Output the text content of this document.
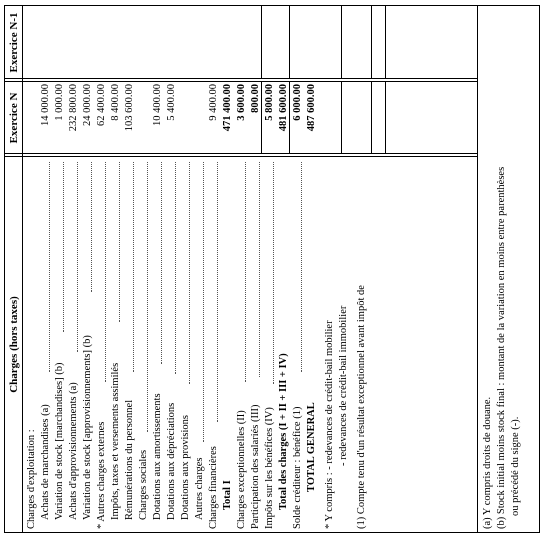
Charges (hors taxes)
Exercice N
Exercice N-1
Charges d'exploitation : Achats de marchandises (a)
14 000.00
Variation de stock [marchandises] (b)
1 000.00
Achats d'approvisionnements (a)
232 800.00
Variation de stock [approvisionnements] (b)
24 000.00
* Autres charges externes
62 400.00
Impôts, taxes et versements assimilés
8 400.00
Rémunérations du personnel
103 600.00
Charges sociales Dotations aux amortissements
10 400.00
Dotations aux dépréciations
5 400.00
Dotations aux provisions Autres charges Charges financières
9 400.00
Total I
471 400.00
Charges exceptionnelles (II)
3 600.00
Participation des salariés (III)
800.00
Impôts sur les bénéfices (IV)
5 800.00
Total des charges (I + II + III + IV)
481 600.00
Solde créditeur : bénéfice (1)
6 000.00
TOTAL GENERAL
487 600.00
* Y compris : - redevances de crédit-bail mobilier - redevances de crédit-bail immobilier (1) Compte tenu d'un résultat exceptionnel avant impôt de	(a) Y compris droits de douane. (b) Stock initial moins stock final : montant de la variation en moins entre parenthèses ou précédé du signe (-).
